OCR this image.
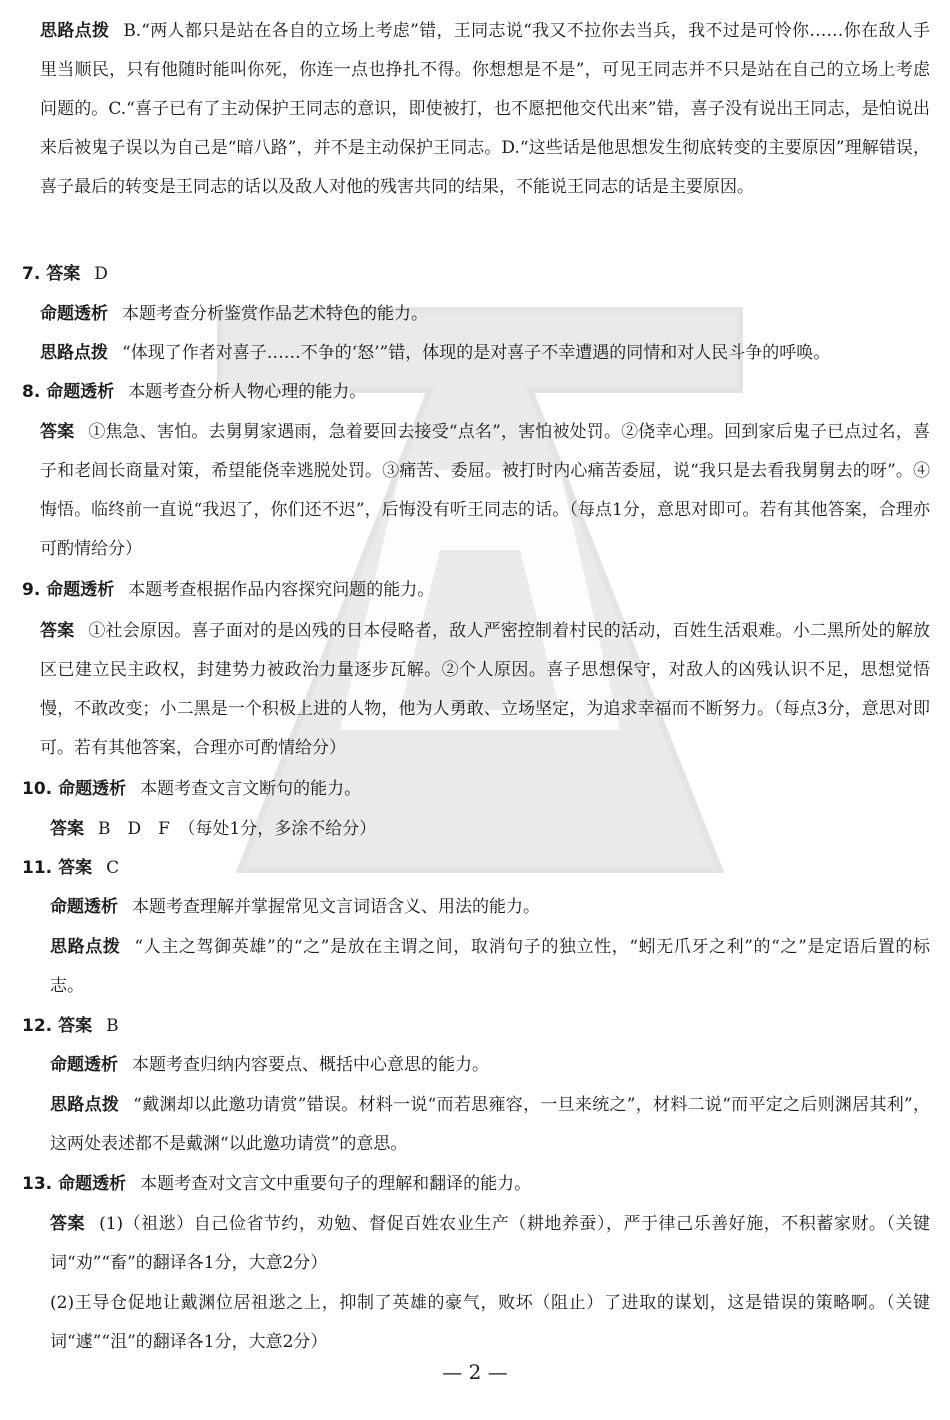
思路点拨 B.“两人都只是站在各自的立场上考虑”错，王同志说“我又不拉你去当兵，我不过是可怜你……你在敌人手里当顺民，只有他随时能叫你死，你连一点也挣扎不得。你想想是不是”，可见王同志并不只是站在自己的立场上考虑问题的。C.“喜子已有了主动保护王同志的意识，即使被打，也不愿把他交代出来”错，喜子没有说出王同志，是怕说出来后被鬼子误以为自己是“暗八路”，并不是主动保护王同志。D.“这些话是他思想发生彻底转变的主要原因”理解错误，喜子最后的转变是王同志的话以及敌人对他的残害共同的结果，不能说王同志的话是主要原因。

7. 答案 D

命题透析 本题考查分析鉴赏作品艺术特色的能力。

思路点拨 “体现了作者对喜子……不争的‘怒’”错，体现的是对喜子不幸遭遇的同情和对人民斗争的呼唤。

8. 命题透析 本题考查分析人物心理的能力。

答案 ①焦急、害怕。去舅舅家遇雨，急着要回去接受“点名”，害怕被处罚。②侥幸心理。回到家后鬼子已点过名，喜子和老闾长商量对策，希望能侥幸逃脱处罚。③痛苦、委屈。被打时内心痛苦委屈，说“我只是去看我舅舅去的呀”。④悔悟。临终前一直说“我迟了，你们还不迟”，后悔没有听王同志的话。（每点1分，意思对即可。若有其他答案，合理亦可酌情给分）

9. 命题透析 本题考查根据作品内容探究问题的能力。

答案 ①社会原因。喜子面对的是凶残的日本侵略者，敌人严密控制着村民的活动，百姓生活艰难。小二黑所处的解放区已建立民主政权，封建势力被政治力量逐步瓦解。②个人原因。喜子思想保守，对敌人的凶残认识不足，思想觉悟慢，不敢改变；小二黑是一个积极上进的人物，他为人勇敢、立场坚定，为追求幸福而不断努力。（每点3分，意思对即可。若有其他答案，合理亦可酌情给分）

10. 命题透析 本题考查文言文断句的能力。

答案 B　D　F　（每处1分，多涂不给分）

11. 答案 C

命题透析 本题考查理解并掌握常见文言词语含义、用法的能力。

思路点拨 “人主之驾御英雄”的“之”是放在主谓之间，取消句子的独立性，“蚓无爪牙之利”的“之”是定语后置的标志。

12. 答案 B

命题透析 本题考查归纳内容要点、概括中心意思的能力。

思路点拨 “戴渊却以此邀功请赏”错误。材料一说“而若思雍容，一旦来统之”，材料二说“而平定之后则渊居其利”，这两处表述都不是戴渊“以此邀功请赏”的意思。

13. 命题透析 本题考查对文言文中重要句子的理解和翻译的能力。

答案 (1)（祖逖）自己俭省节约，劝勉、督促百姓农业生产（耕地养蚕），严于律己乐善好施，不积蓄家财。（关键词“劝”“畜”的翻译各1分，大意2分）

(2)王导仓促地让戴渊位居祖逖之上，抑制了英雄的豪气，败坏（阻止）了进取的谋划，这是错误的策略啊。（关键词“遽”“沮”的翻译各1分，大意2分）

— 2 —
